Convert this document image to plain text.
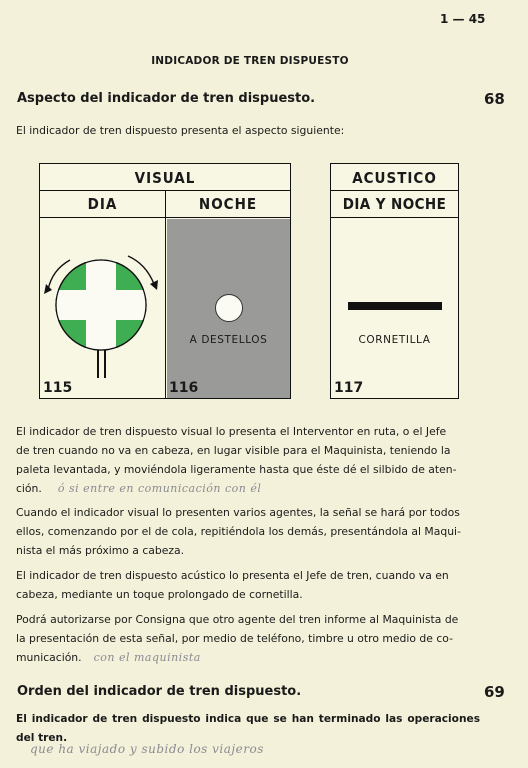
1 — 45
INDICADOR DE TREN DISPUESTO
Aspecto del indicador de tren dispuesto.	68
El indicador de tren dispuesto presenta el aspecto siguiente:
VISUAL
DIA	NOCHE
115
A DESTELLOS
116
ACUSTICO
DIA Y NOCHE
CORNETILLA
117
El indicador de tren dispuesto visual lo presenta el Interventor en ruta, o el Jefe
de tren cuando no va en cabeza, en lugar visible para el Maquinista, teniendo la
paleta levantada, y moviéndola ligeramente hasta que éste dé el silbido de aten-
ción. ó si entre en comunicación con él
Cuando el indicador visual lo presenten varios agentes, la señal se hará por todos
ellos, comenzando por el de cola, repitiéndola los demás, presentándola al Maqui-
nista el más próximo a cabeza.
El indicador de tren dispuesto acústico lo presenta el Jefe de tren, cuando va en
cabeza, mediante un toque prolongado de cornetilla.
Podrá autorizarse por Consigna que otro agente del tren informe al Maquinista de
la presentación de esta señal, por medio de teléfono, timbre u otro medio de co-
municación. con el maquinista
Orden del indicador de tren dispuesto.	69
El indicador de tren dispuesto indica que se han terminado las operaciones del tren.
que ha viajado y subido los viajeros
